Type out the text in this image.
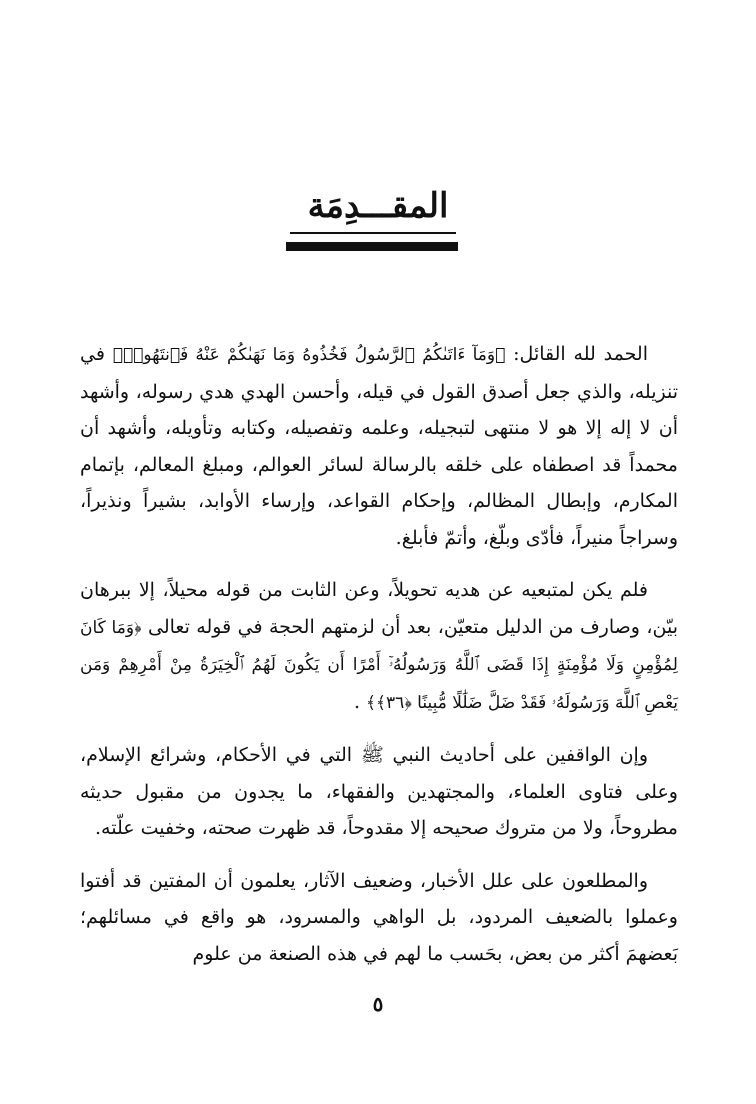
المقـــدِمَة

الحمد لله القائل: ﴿وَمَآ ءَاتَىٰكُمُ ٱلرَّسُولُ فَخُذُوهُ وَمَا نَهَىٰكُمْ عَنْهُ فَٱنتَهُوا۟﴾ في تنزيله، والذي جعل أصدق القول في قيله، وأحسن الهدي هدي رسوله، وأشهد أن لا إله إلا هو لا منتهى لتبجيله، وعلمه وتفصيله، وكتابه وتأويله، وأشهد أن محمداً قد اصطفاه على خلقه بالرسالة لسائر العوالم، ومبلغ المعالم، بإتمام المكارم، وإبطال المظالم، وإحكام القواعد، وإرساء الأوابد، بشيراً ونذيراً، وسراجاً منيراً، فأدّى وبلّغ، وأتمّ فأبلغ.

فلم يكن لمتبعيه عن هديه تحويلاً، وعن الثابت من قوله محيلاً، إلا ببرهان بيّن، وصارف من الدليل متعيّن، بعد أن لزمتهم الحجة في قوله تعالى ﴿وَمَا كَانَ لِمُؤْمِنٍ وَلَا مُؤْمِنَةٍ إِذَا قَضَى ٱللَّهُ وَرَسُولُهُۥٓ أَمْرًا أَن يَكُونَ لَهُمُ ٱلْخِيَرَةُ مِنْ أَمْرِهِمْ وَمَن يَعْصِ ٱللَّهَ وَرَسُولَهُۥ فَقَدْ ضَلَّ ضَلَٰلًا مُّبِينًا ﴿٣٦﴾﴾ .

وإن الواقفين على أحاديث النبي ﷺ التي في الأحكام، وشرائع الإسلام، وعلى فتاوى العلماء، والمجتهدين والفقهاء، ما يجدون من مقبول حديثه مطروحاً، ولا من متروك صحيحه إلا مقدوحاً، قد ظهرت صحته، وخفيت علّته.

والمطلعون على علل الأخبار، وضعيف الآثار، يعلمون أن المفتين قد أفتوا وعملوا بالضعيف المردود، بل الواهي والمسرود، هو واقع في مسائلهم؛ بَعضهمَ أكثر من بعض، بحَسب ما لهم في هذه الصنعة من علوم

٥
